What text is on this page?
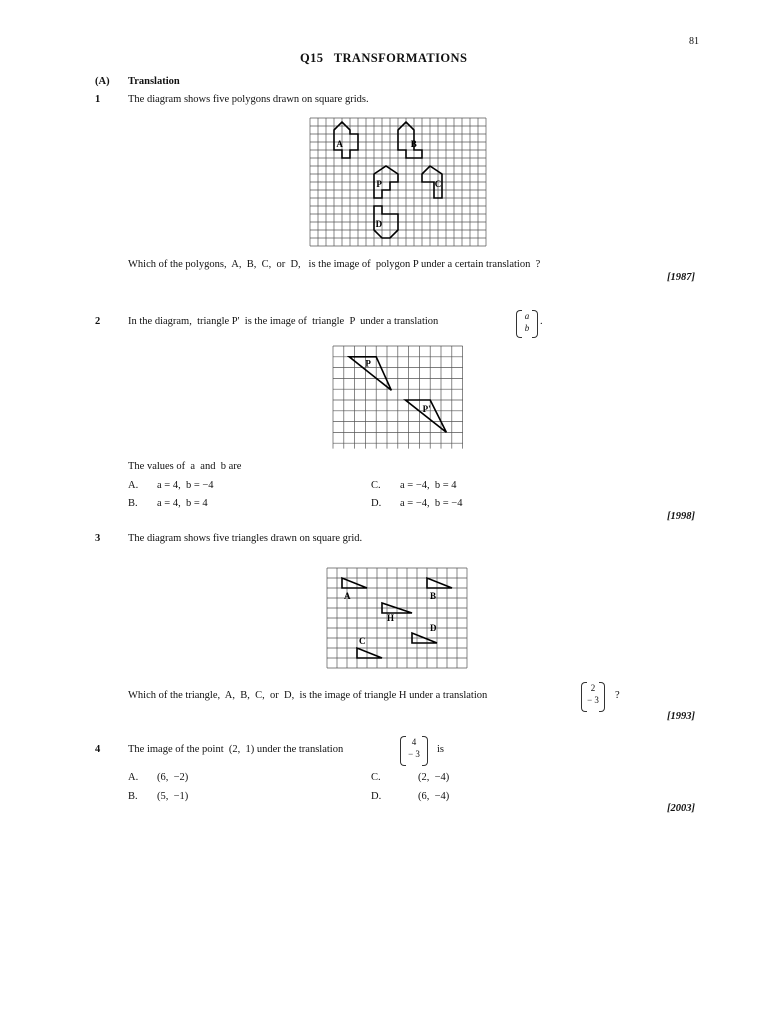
81
Q15   TRANSFORMATIONS
(A) Translation
1	The diagram shows five polygons drawn on square grids.
A	B
P	C
D
Which of the polygons,  A,  B,  C,  or  D,   is the image of  polygon P under a certain translation  ?
[1987]
2	In the diagram,  triangle P'  is the image of  triangle  P  under a translation	a
b
.
P
P'
The values of  a  and  b are
A. a = 4,  b = −4	C. a = −4,  b = 4
B. a = 4,  b = 4	D. a = −4,  b = −4
[1998]
3	The diagram shows five triangles drawn on square grid.
A	B
H
D
C
Which of the triangle,  A,  B,  C,  or  D,  is the image of triangle H under a translation
2
− 3	?
[1993]
4	The image of the point  (2,  1) under the translation
4
− 3	is
A. (6,  −2)	C.	(2,  −4)
B. (5,  −1)	D.	(6,  −4)
[2003]
